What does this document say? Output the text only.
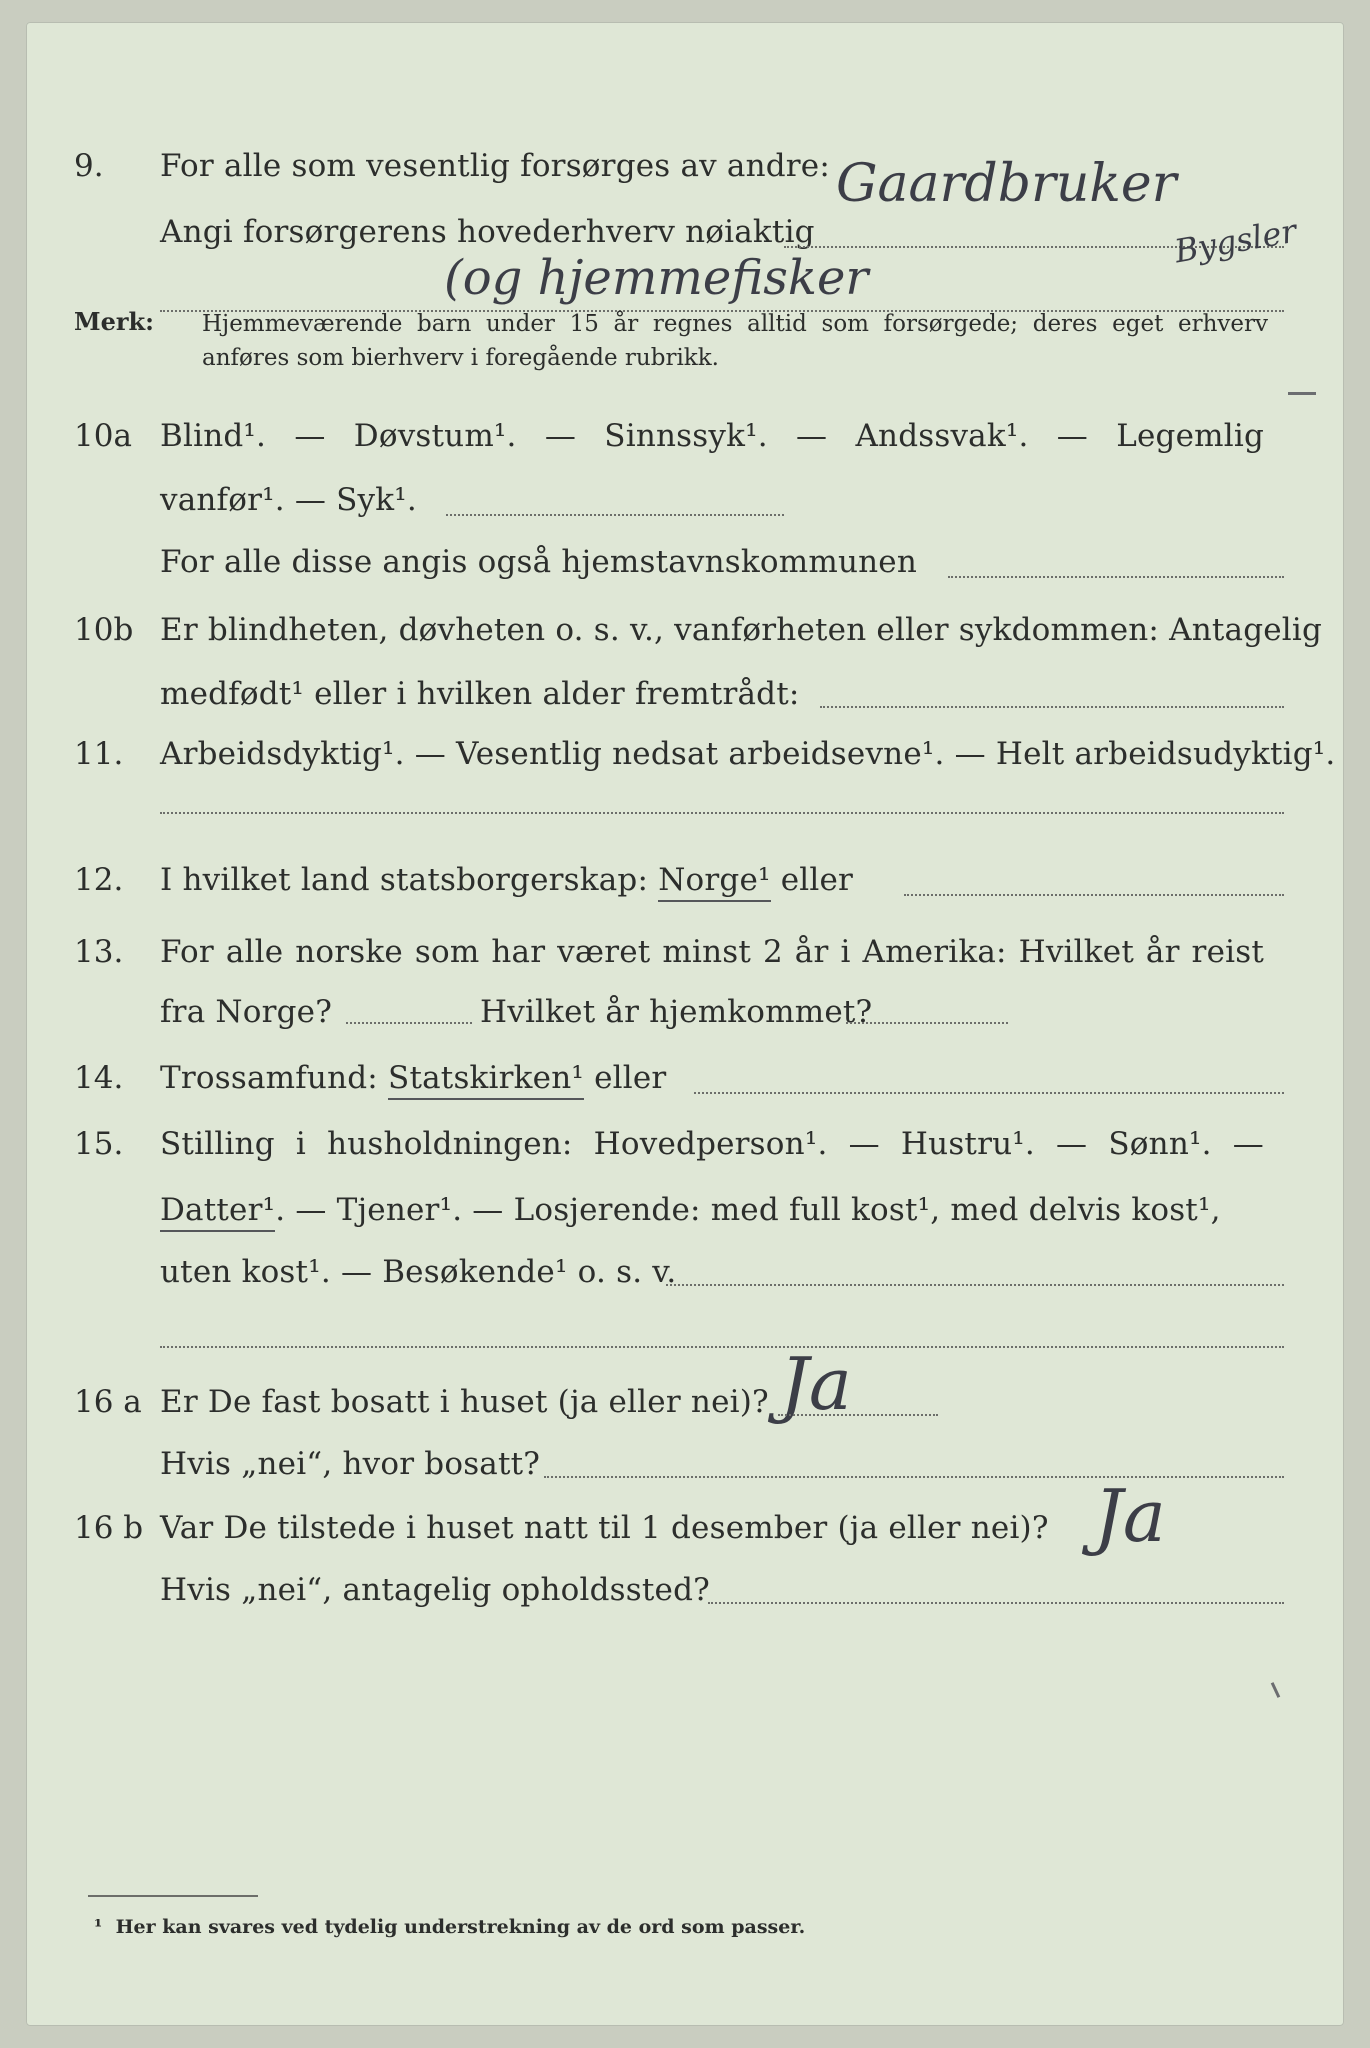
9. For alle som vesentlig forsørges av andre: Gaardbruker
Angi forsørgerens hovederhverv nøiaktig	Bygsler
(og hjemmefisker
Merk: Hjemmeværende barn under 15 år regnes alltid som forsørgede; deres eget erhverv
anføres som bierhverv i foregående rubrikk.
10a Blind¹. — Døvstum¹. — Sinnssyk¹. — Andssvak¹. — Legemlig
vanfør¹. — Syk¹.
For alle disse angis også hjemstavnskommunen
10b Er blindheten, døvheten o. s. v., vanførheten eller sykdommen: Antagelig
medfødt¹ eller i hvilken alder fremtrådt:
11. Arbeidsdyktig¹. — Vesentlig nedsat arbeidsevne¹. — Helt arbeidsudyktig¹.
12. I hvilket land statsborgerskap: Norge¹ eller
13. For alle norske som har været minst 2 år i Amerika: Hvilket år reist
fra Norge?	Hvilket år hjemkommet?
14. Trossamfund: Statskirken¹ eller
15. Stilling i husholdningen: Hovedperson¹. — Hustru¹. — Sønn¹. —
Datter¹. — Tjener¹. — Losjerende: med full kost¹, med delvis kost¹,
uten kost¹. — Besøkende¹ o. s. v.
16 a Er De fast bosatt i huset (ja eller nei)? Ja
Hvis „nei“, hvor bosatt?
16 b Var De tilstede i huset natt til 1 desember (ja eller nei)? Ja
Hvis „nei“, antagelig opholdssted?
¹ Her kan svares ved tydelig understrekning av de ord som passer.
